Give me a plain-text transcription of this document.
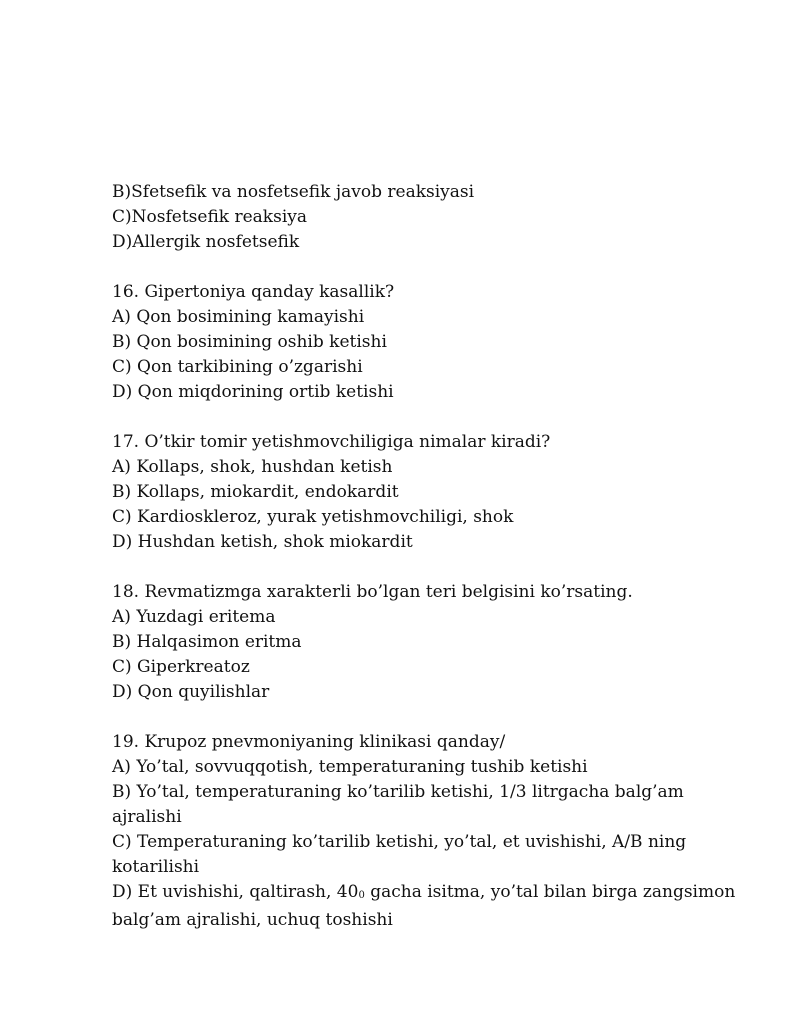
B)Sfetsefik va nosfetsefik javob reaksiyasi
C)Nosfetsefik reaksiya
D)Allergik nosfetsefik
16. Gipertoniya qanday kasallik?
A) Qon bosimining kamayishi
B) Qon bosimining oshib ketishi
C) Qon tarkibining o’zgarishi
D) Qon miqdorining ortib ketishi
17. O’tkir tomir yetishmovchiligiga nimalar kiradi?
A) Kollaps, shok, hushdan ketish
B) Kollaps, miokardit, endokardit
C) Kardioskleroz, yurak yetishmovchiligi, shok
D) Hushdan ketish, shok miokardit
18. Revmatizmga xarakterli bo’lgan teri belgisini ko’rsating.
A) Yuzdagi eritema
B) Halqasimon eritma
C) Giperkreatoz
D) Qon quyilishlar
19. Krupoz pnevmoniyaning klinikasi qanday/
A) Yo’tal, sovvuqqotish, temperaturaning tushib ketishi
B) Yo’tal, temperaturaning ko’tarilib ketishi, 1/3 litrgacha balg’am
ajralishi
C) Temperaturaning ko’tarilib ketishi, yo’tal, et uvishishi, A/B ning
kotarilishi
D) Et uvishishi, qaltirash, 400 gacha isitma, yo’tal bilan birga zangsimon
balg’am ajralishi, uchuq toshishi
